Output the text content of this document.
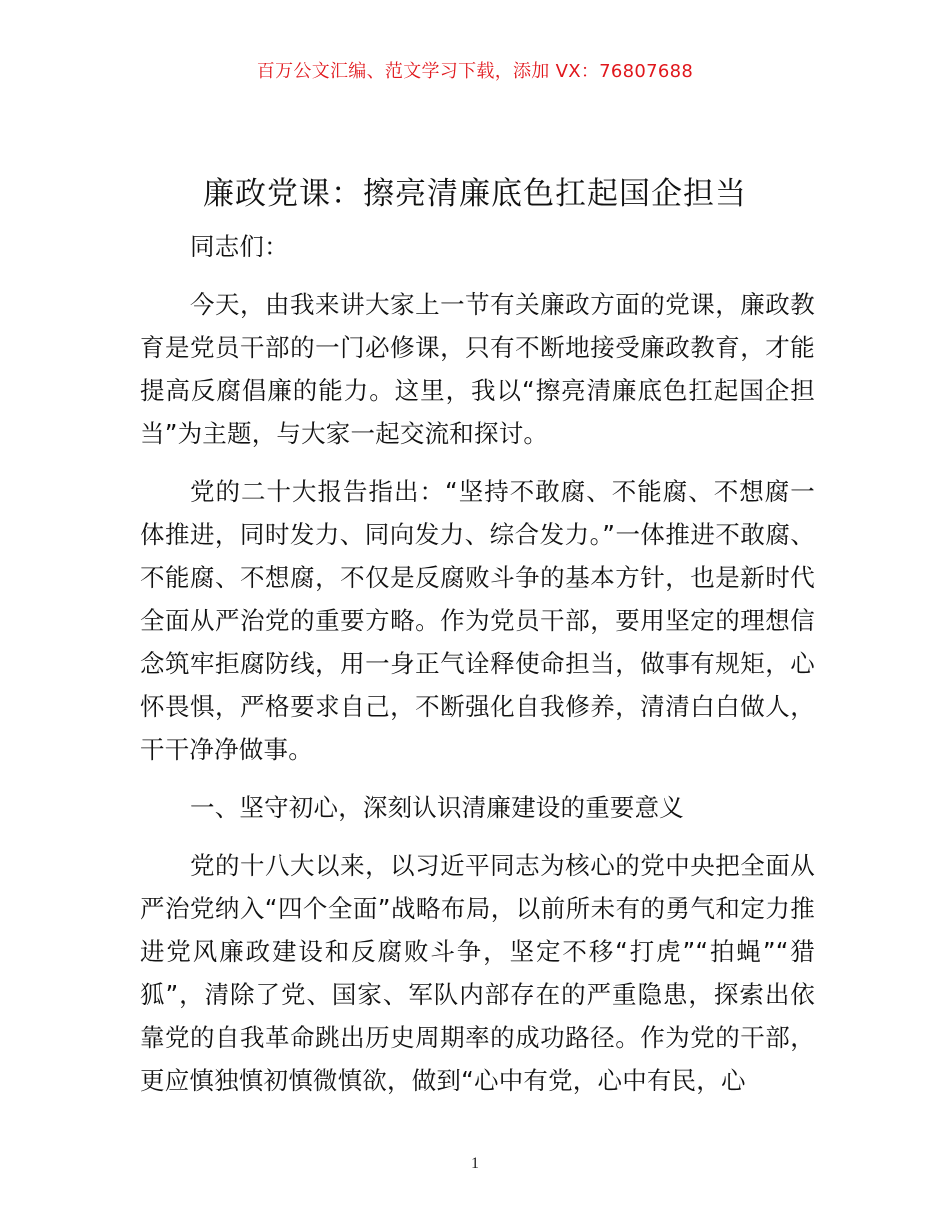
百万公文汇编、范文学习下载，添加 VX：76807688
廉政党课：擦亮清廉底色扛起国企担当

同志们：

今天，由我来讲大家上一节有关廉政方面的党课，廉政教育是党员干部的一门必修课，只有不断地接受廉政教育，才能提高反腐倡廉的能力。这里，我以“擦亮清廉底色扛起国企担当”为主题，与大家一起交流和探讨。

党的二十大报告指出：“坚持不敢腐、不能腐、不想腐一体推进，同时发力、同向发力、综合发力。”一体推进不敢腐、不能腐、不想腐，不仅是反腐败斗争的基本方针，也是新时代全面从严治党的重要方略。作为党员干部，要用坚定的理想信念筑牢拒腐防线，用一身正气诠释使命担当，做事有规矩，心怀畏惧，严格要求自己，不断强化自我修养，清清白白做人，干干净净做事。

一、坚守初心，深刻认识清廉建设的重要意义

党的十八大以来，以习近平同志为核心的党中央把全面从严治党纳入“四个全面”战略布局，以前所未有的勇气和定力推进党风廉政建设和反腐败斗争，坚定不移“打虎”“拍蝇”“猎狐”，清除了党、国家、军队内部存在的严重隐患，探索出依靠党的自我革命跳出历史周期率的成功路径。作为党的干部，更应慎独慎初慎微慎欲，做到“心中有党，心中有民，心

1
